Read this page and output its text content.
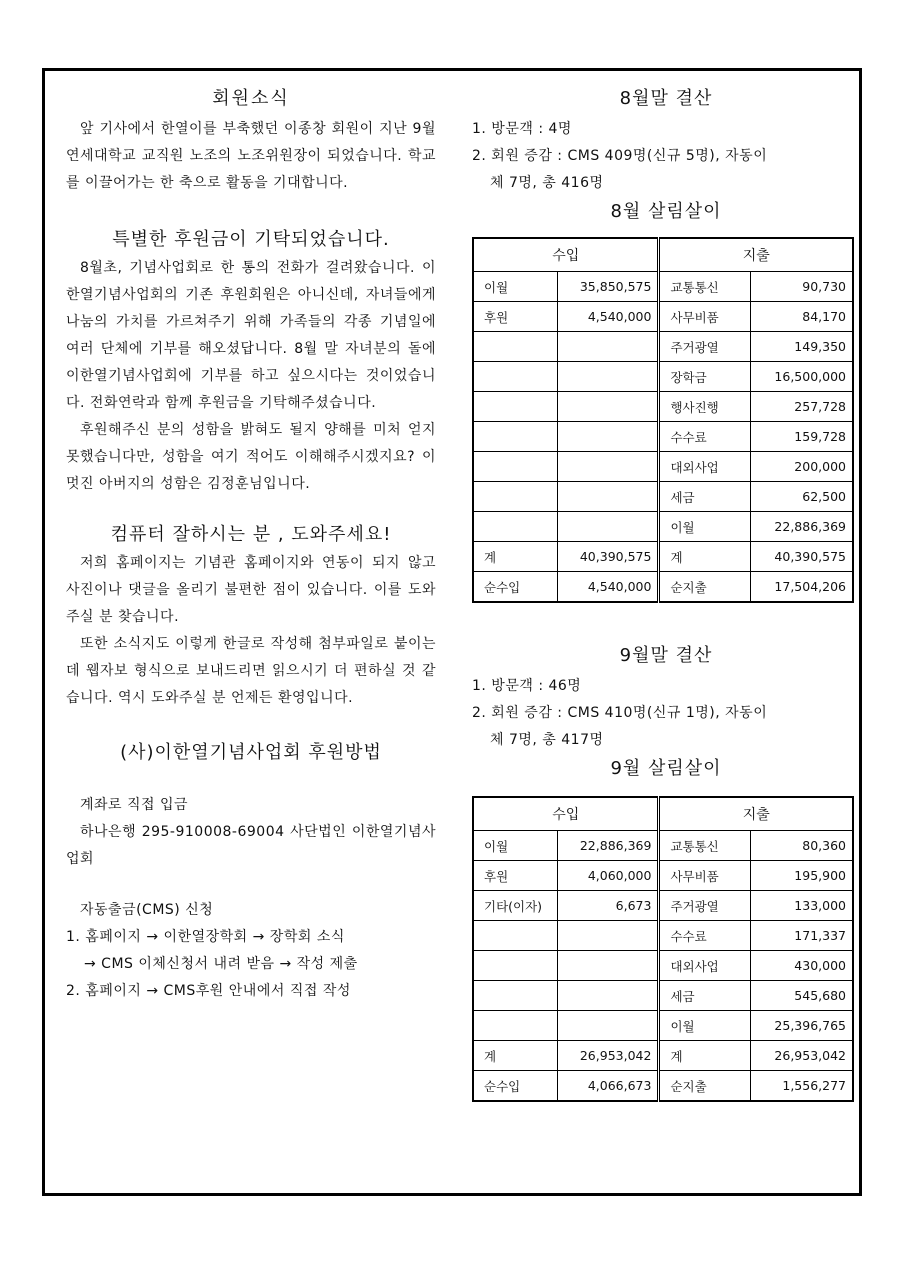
회원소식

앞 기사에서 한열이를 부축했던 이종창 회원이 지난 9월 연세대학교 교직원 노조의 노조위원장이 되었습니다. 학교를 이끌어가는 한 축으로 활동을 기대합니다.

특별한 후원금이 기탁되었습니다.

8월초, 기념사업회로 한 통의 전화가 걸려왔습니다. 이한열기념사업회의 기존 후원회원은 아니신데, 자녀들에게 나눔의 가치를 가르쳐주기 위해 가족들의 각종 기념일에 여러 단체에 기부를 해오셨답니다. 8월 말 자녀분의 돌에 이한열기념사업회에 기부를 하고 싶으시다는 것이었습니다. 전화연락과 함께 후원금을 기탁해주셨습니다.

후원해주신 분의 성함을 밝혀도 될지 양해를 미처 얻지 못했습니다만, 성함을 여기 적어도 이해해주시겠지요? 이 멋진 아버지의 성함은 김정훈님입니다.

컴퓨터 잘하시는 분 , 도와주세요!

저희 홈페이지는 기념관 홈페이지와 연동이 되지 않고 사진이나 댓글을 올리기 불편한 점이 있습니다. 이를 도와주실 분 찾습니다.

또한 소식지도 이렇게 한글로 작성해 첨부파일로 붙이는데 웹자보 형식으로 보내드리면 읽으시기 더 편하실 것 같습니다. 역시 도와주실 분 언제든 환영입니다.

(사)이한열기념사업회 후원방법

계좌로 직접 입금

하나은행 295-910008-69004 사단법인 이한열기념사업회

자동출금(CMS) 신청

1. 홈페이지 → 이한열장학회 → 장학회 소식

→ CMS 이체신청서 내려 받음 → 작성 제출

2. 홈페이지 → CMS후원 안내에서 직접 작성

8월말 결산

1. 방문객 : 4명

2. 회원 증감 : CMS 409명(신규 5명), 자동이

체 7명, 총 416명

8월 살림살이
수입		지출	
이월	35,850,575	교통통신	90,730
후원	4,540,000	사무비품	84,170
		주거광열	149,350
		장학금	16,500,000
		행사진행	257,728
		수수료	159,728
		대외사업	200,000
		세금	62,500
		이월	22,886,369
계	40,390,575	계	40,390,575
순수입	4,540,000	순지출	17,504,206
9월말 결산

1. 방문객 : 46명

2. 회원 증감 : CMS 410명(신규 1명), 자동이

체 7명, 총 417명

9월 살림살이
수입		지출	
이월	22,886,369	교통통신	80,360
후원	4,060,000	사무비품	195,900
기타(이자)	6,673	주거광열	133,000
		수수료	171,337
		대외사업	430,000
		세금	545,680
		이월	25,396,765
계	26,953,042	계	26,953,042
순수입	4,066,673	순지출	1,556,277
